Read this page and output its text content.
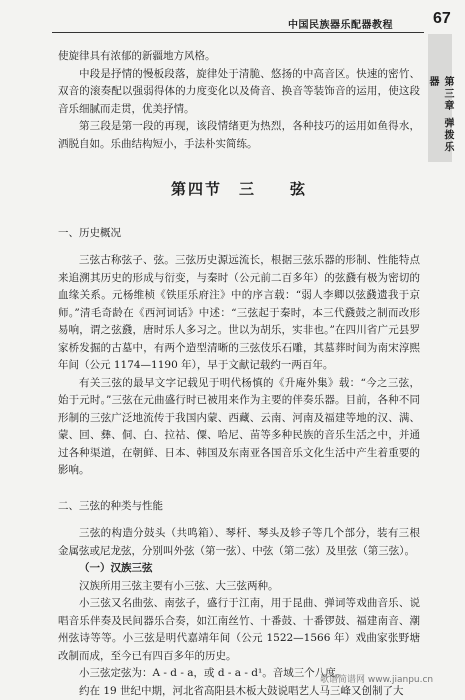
中国民族器乐配器教程	67
第三章 弹拨乐器

使旋律具有浓郁的新疆地方风格。

中段是抒情的慢板段落，旋律处于清脆、悠扬的中高音区。快速的密竹、双音的滚奏配以强弱得体的力度变化以及倚音、换音等装饰音的运用，使这段音乐细腻而走贯，优美抒情。

第三段是第一段的再现，该段情绪更为热烈，各种技巧的运用如鱼得水，洒脱自如。乐曲结构短小，手法朴实简练。

第四节　三　　弦
一、历史概况

三弦古称弦子、弦。三弦历史源远流长，根据三弦乐器的形制、性能特点来追溯其历史的形成与衍变，与秦时（公元前二百多年）的弦鼗有极为密切的血缘关系。元杨维桢《铁厓乐府注》中的序言载：“弱人李卿以弦鼗遗我于京师。”清毛奇龄在《西河词话》中述：“三弦起于秦时，本三代鼗鼓之制而改形易响，谓之弦鼗，唐时乐人多习之。世以为胡乐，实非也。”在四川省广元县罗家桥发掘的古墓中，有两个造型清晰的三弦伎乐石雕，其墓葬时间为南宋淳熙年间（公元 1174—1190 年），早于文献记载约一两百年。

有关三弦的最早文字记载见于明代杨慎的《升庵外集》载：“今之三弦，始于元时。”三弦在元曲盛行时已被用来作为主要的伴奏乐器。目前，各种不同形制的三弦广泛地流传于我国内蒙、西藏、云南、河南及福建等地的汉、满、蒙、回、彝、侗、白、拉祜、僳、哈尼、苗等多种民族的音乐生活之中，并通过各种渠道，在朝鲜、日本、韩国及东南亚各国音乐文化生活中产生着重要的影响。

二、三弦的种类与性能

三弦的构造分鼓头（共鸣箱）、琴杆、琴头及轸子等几个部分，装有三根金属弦或尼龙弦，分别叫外弦（第一弦）、中弦（第二弦）及里弦（第三弦）。

（一）汉族三弦

汉族所用三弦主要有小三弦、大三弦两种。

小三弦又名曲弦、南弦子，盛行于江南，用于昆曲、弹词等戏曲音乐、说唱音乐伴奏及民间器乐合奏，如江南丝竹、十番鼓、十番锣鼓、福建南音、潮州弦诗等等。小三弦是明代嘉靖年间（公元 1522—1566 年）戏曲家张野塘改制而成，至今已有四百多年的历史。

小三弦定弦为：A - d - a，或 d - a - d¹。音域三个八度。

约在 19 世纪中期，河北省高阳县木板大鼓说唱艺人马三峰又创制了大

歌谱简谱网 www.jianpu.cn
